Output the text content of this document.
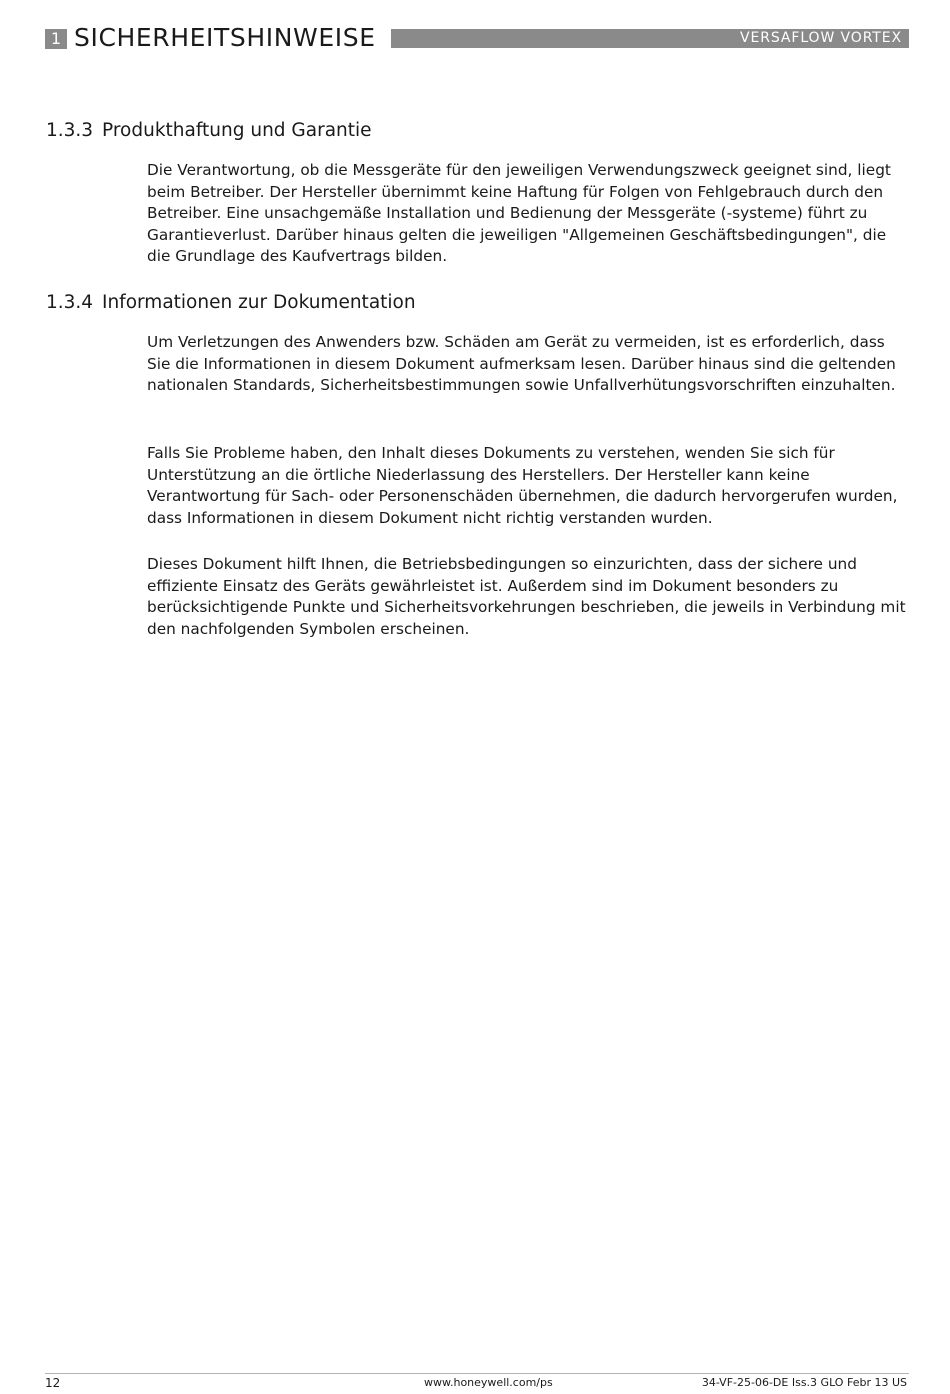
1 SICHERHEITSHINWEISE	VERSAFLOW VORTEX
1.3.3 Produkthaftung und Garantie

Die Verantwortung, ob die Messgeräte für den jeweiligen Verwendungszweck geeignet sind, liegt beim Betreiber. Der Hersteller übernimmt keine Haftung für Folgen von Fehlgebrauch durch den Betreiber. Eine unsachgemäße Installation und Bedienung der Messgeräte (-systeme) führt zu Garantieverlust. Darüber hinaus gelten die jeweiligen "Allgemeinen Geschäftsbedingungen", die die Grundlage des Kaufvertrags bilden.

1.3.4 Informationen zur Dokumentation

Um Verletzungen des Anwenders bzw. Schäden am Gerät zu vermeiden, ist es erforderlich, dass Sie die Informationen in diesem Dokument aufmerksam lesen. Darüber hinaus sind die geltenden nationalen Standards, Sicherheitsbestimmungen sowie Unfallverhütungsvorschriften einzuhalten.

Falls Sie Probleme haben, den Inhalt dieses Dokuments zu verstehen, wenden Sie sich für Unterstützung an die örtliche Niederlassung des Herstellers. Der Hersteller kann keine Verantwortung für Sach- oder Personenschäden übernehmen, die dadurch hervorgerufen wurden, dass Informationen in diesem Dokument nicht richtig verstanden wurden.

Dieses Dokument hilft Ihnen, die Betriebsbedingungen so einzurichten, dass der sichere und effiziente Einsatz des Geräts gewährleistet ist. Außerdem sind im Dokument besonders zu berücksichtigende Punkte und Sicherheitsvorkehrungen beschrieben, die jeweils in Verbindung mit den nachfolgenden Symbolen erscheinen.

12	www.honeywell.com/ps	34-VF-25-06-DE Iss.3 GLO Febr 13 US
